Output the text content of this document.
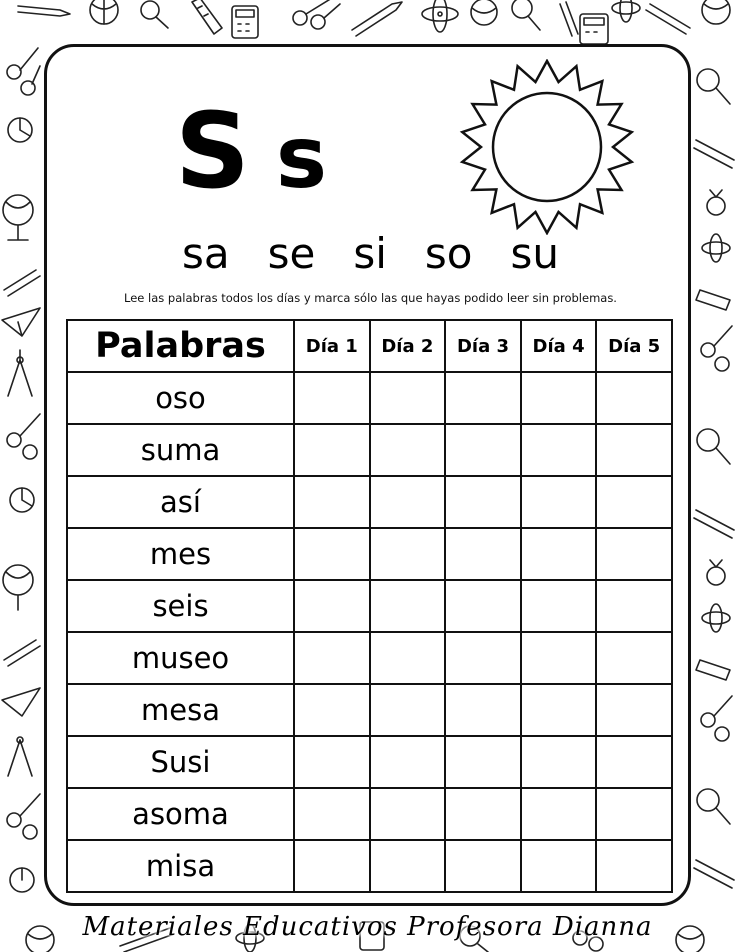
S s
sa se si so su
Lee las palabras todos los días y marca sólo las que hayas podido leer sin problemas.
Palabras	Día 1	Día 2	Día 3	Día 4	Día 5
oso					
suma					
así					
mes					
seis					
museo					
mesa					
Susi					
asoma					
misa					
Materiales Educativos Profesora Dianna
